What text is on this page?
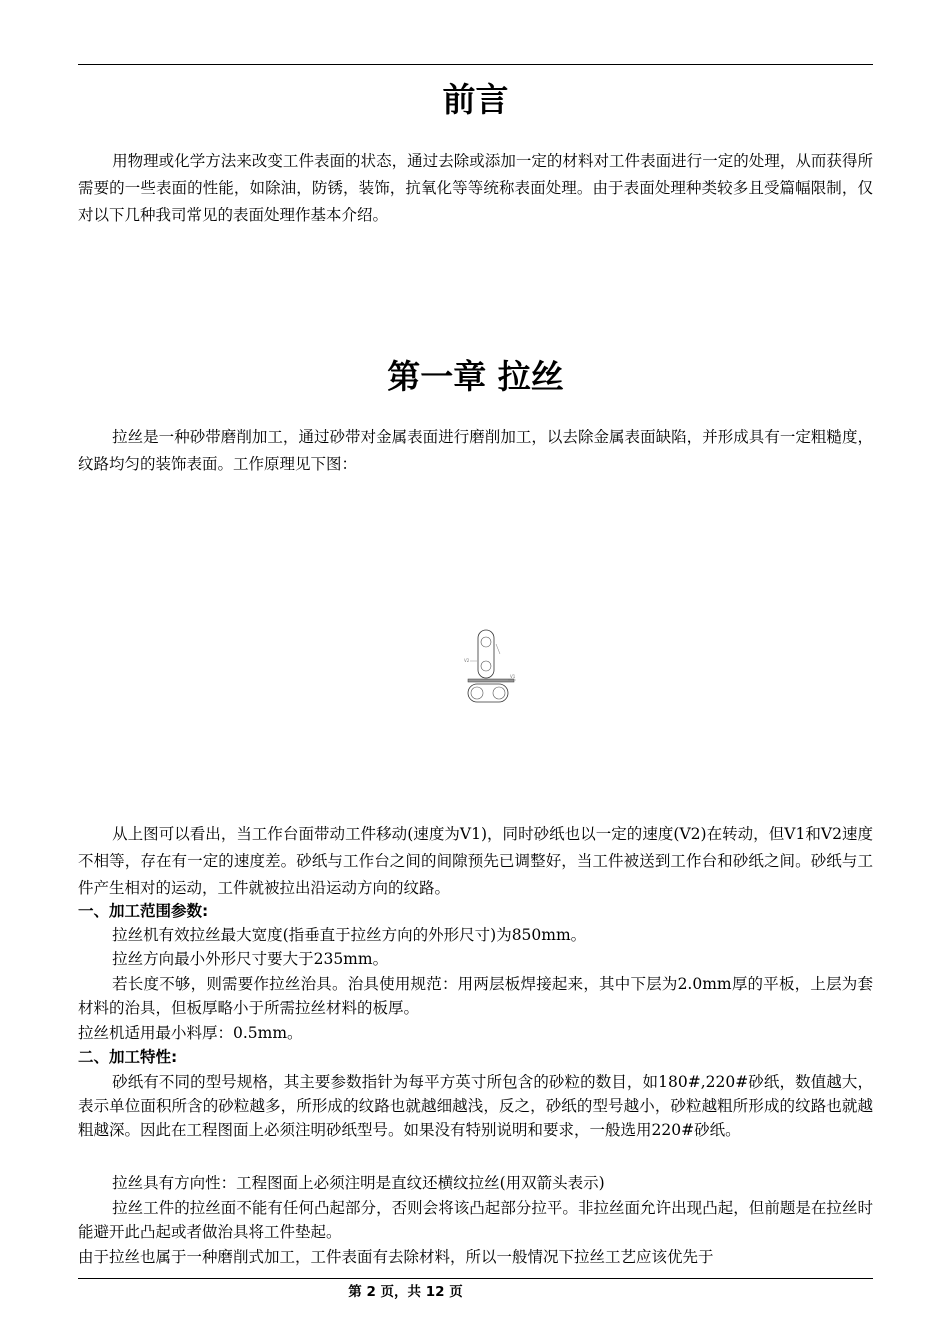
前言

用物理或化学方法来改变工件表面的状态，通过去除或添加一定的材料对工件表面进行一定的处理，从而获得所需要的一些表面的性能，如除油，防锈，装饰，抗氧化等等统称表面处理。由于表面处理种类较多且受篇幅限制，仅对以下几种我司常见的表面处理作基本介绍。

第一章 拉丝

拉丝是一种砂带磨削加工，通过砂带对金属表面进行磨削加工，以去除金属表面缺陷，并形成具有一定粗糙度，纹路均匀的装饰表面。工作原理见下图：

V2
V1

从上图可以看出，当工作台面带动工件移动(速度为V1)，同时砂纸也以一定的速度(V2)在转动，但V1和V2速度不相等，存在有一定的速度差。砂纸与工作台之间的间隙预先已调整好，当工件被送到工作台和砂纸之间。砂纸与工件产生相对的运动，工件就被拉出沿运动方向的纹路。

一、加工范围参数:

拉丝机有效拉丝最大宽度(指垂直于拉丝方向的外形尺寸)为850mm。

拉丝方向最小外形尺寸要大于235mm。

若长度不够，则需要作拉丝治具。治具使用规范：用两层板焊接起来，其中下层为2.0mm厚的平板，上层为套材料的治具，但板厚略小于所需拉丝材料的板厚。

拉丝机适用最小料厚：0.5mm。

二、加工特性:

砂纸有不同的型号规格，其主要参数指针为每平方英寸所包含的砂粒的数目，如180#,220#砂纸，数值越大，表示单位面积所含的砂粒越多，所形成的纹路也就越细越浅，反之，砂纸的型号越小，砂粒越粗所形成的纹路也就越粗越深。因此在工程图面上必须注明砂纸型号。如果没有特别说明和要求，一般选用220#砂纸。

拉丝具有方向性：工程图面上必须注明是直纹还横纹拉丝(用双箭头表示)

拉丝工件的拉丝面不能有任何凸起部分，否则会将该凸起部分拉平。非拉丝面允许出现凸起，但前题是在拉丝时能避开此凸起或者做治具将工件垫起。

由于拉丝也属于一种磨削式加工，工件表面有去除材料，所以一般情况下拉丝工艺应该优先于

第 2 页，共 12 页
